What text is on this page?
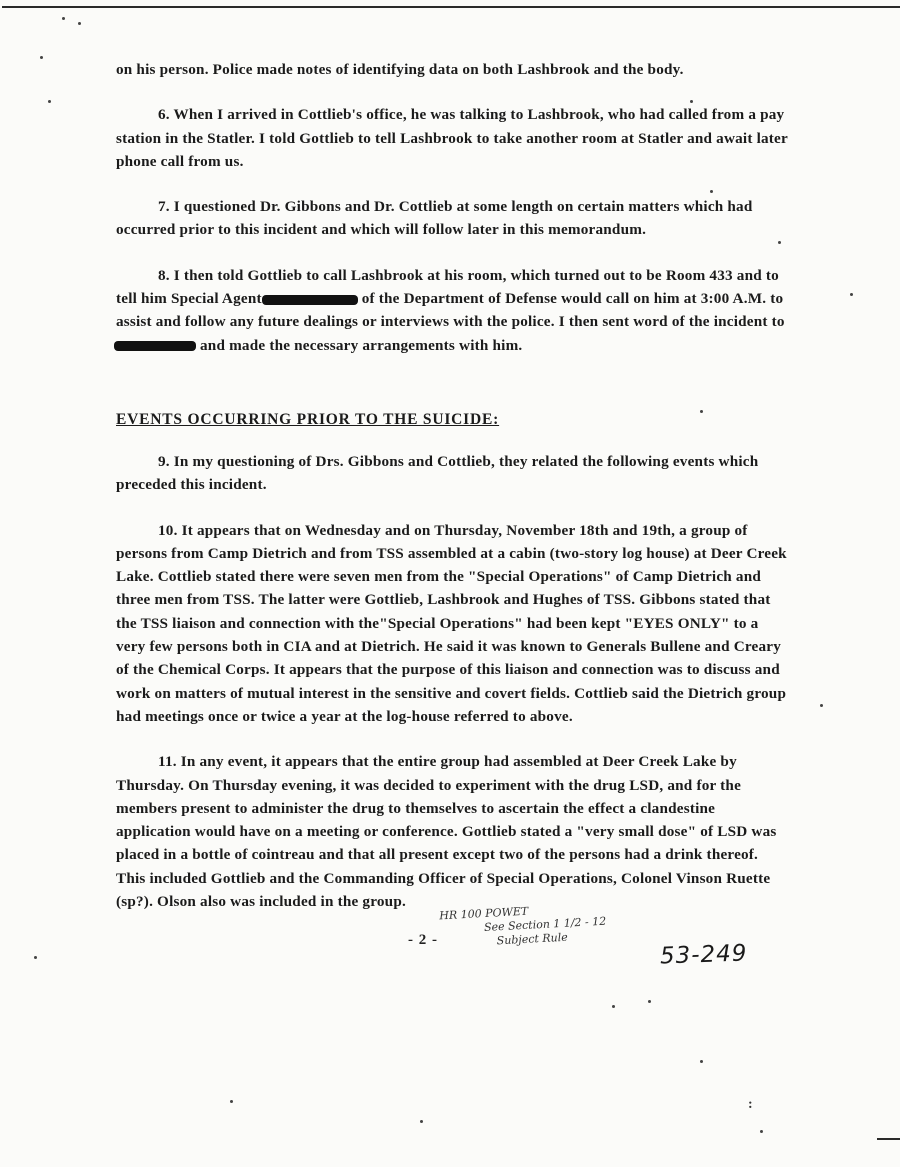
on his person. Police made notes of identifying data on both Lashbrook and the body.

6. When I arrived in Cottlieb's office, he was talking to Lashbrook, who had called from a pay station in the Statler. I told Gottlieb to tell Lashbrook to take another room at Statler and await later phone call from us.

7. I questioned Dr. Gibbons and Dr. Cottlieb at some length on certain matters which had occurred prior to this incident and which will follow later in this memorandum.

8. I then told Gottlieb to call Lashbrook at his room, which turned out to be Room 433 and to tell him Special Agent	of the Department of Defense would call on him at 3:00 A.M. to assist and follow any future dealings or interviews with the police. I then sent word of the incident to  and made the necessary arrangements with him.

EVENTS OCCURRING PRIOR TO THE SUICIDE:

9. In my questioning of Drs. Gibbons and Cottlieb, they related the following events which preceded this incident.

10. It appears that on Wednesday and on Thursday, November 18th and 19th, a group of persons from Camp Dietrich and from TSS assembled at a cabin (two-story log house) at Deer Creek Lake. Cottlieb stated there were seven men from the "Special Operations" of Camp Dietrich and three men from TSS. The latter were Gottlieb, Lashbrook and Hughes of TSS. Gibbons stated that the TSS liaison and connection with the"Special Operations" had been kept "EYES ONLY" to a very few persons both in CIA and at Dietrich. He said it was known to Generals Bullene and Creary of the Chemical Corps. It appears that the purpose of this liaison and connection was to discuss and work on matters of mutual interest in the sensitive and covert fields. Cottlieb said the Dietrich group had meetings once or twice a year at the log-house referred to above.

11. In any event, it appears that the entire group had assembled at Deer Creek Lake by Thursday. On Thursday evening, it was decided to experiment with the drug LSD, and for the members present to administer the drug to themselves to ascertain the effect a clandestine application would have on a meeting or conference. Gottlieb stated a "very small dose" of LSD was placed in a bottle of cointreau and that all present except two of the persons had a drink thereof. This included Gottlieb and the Commanding Officer of Special Operations, Colonel Vinson Ruette (sp?). Olson also was included in the group.

HR 100 POWET
See Section 1 1/2 - 12
Subject Rule
- 2 -
53-249
:
